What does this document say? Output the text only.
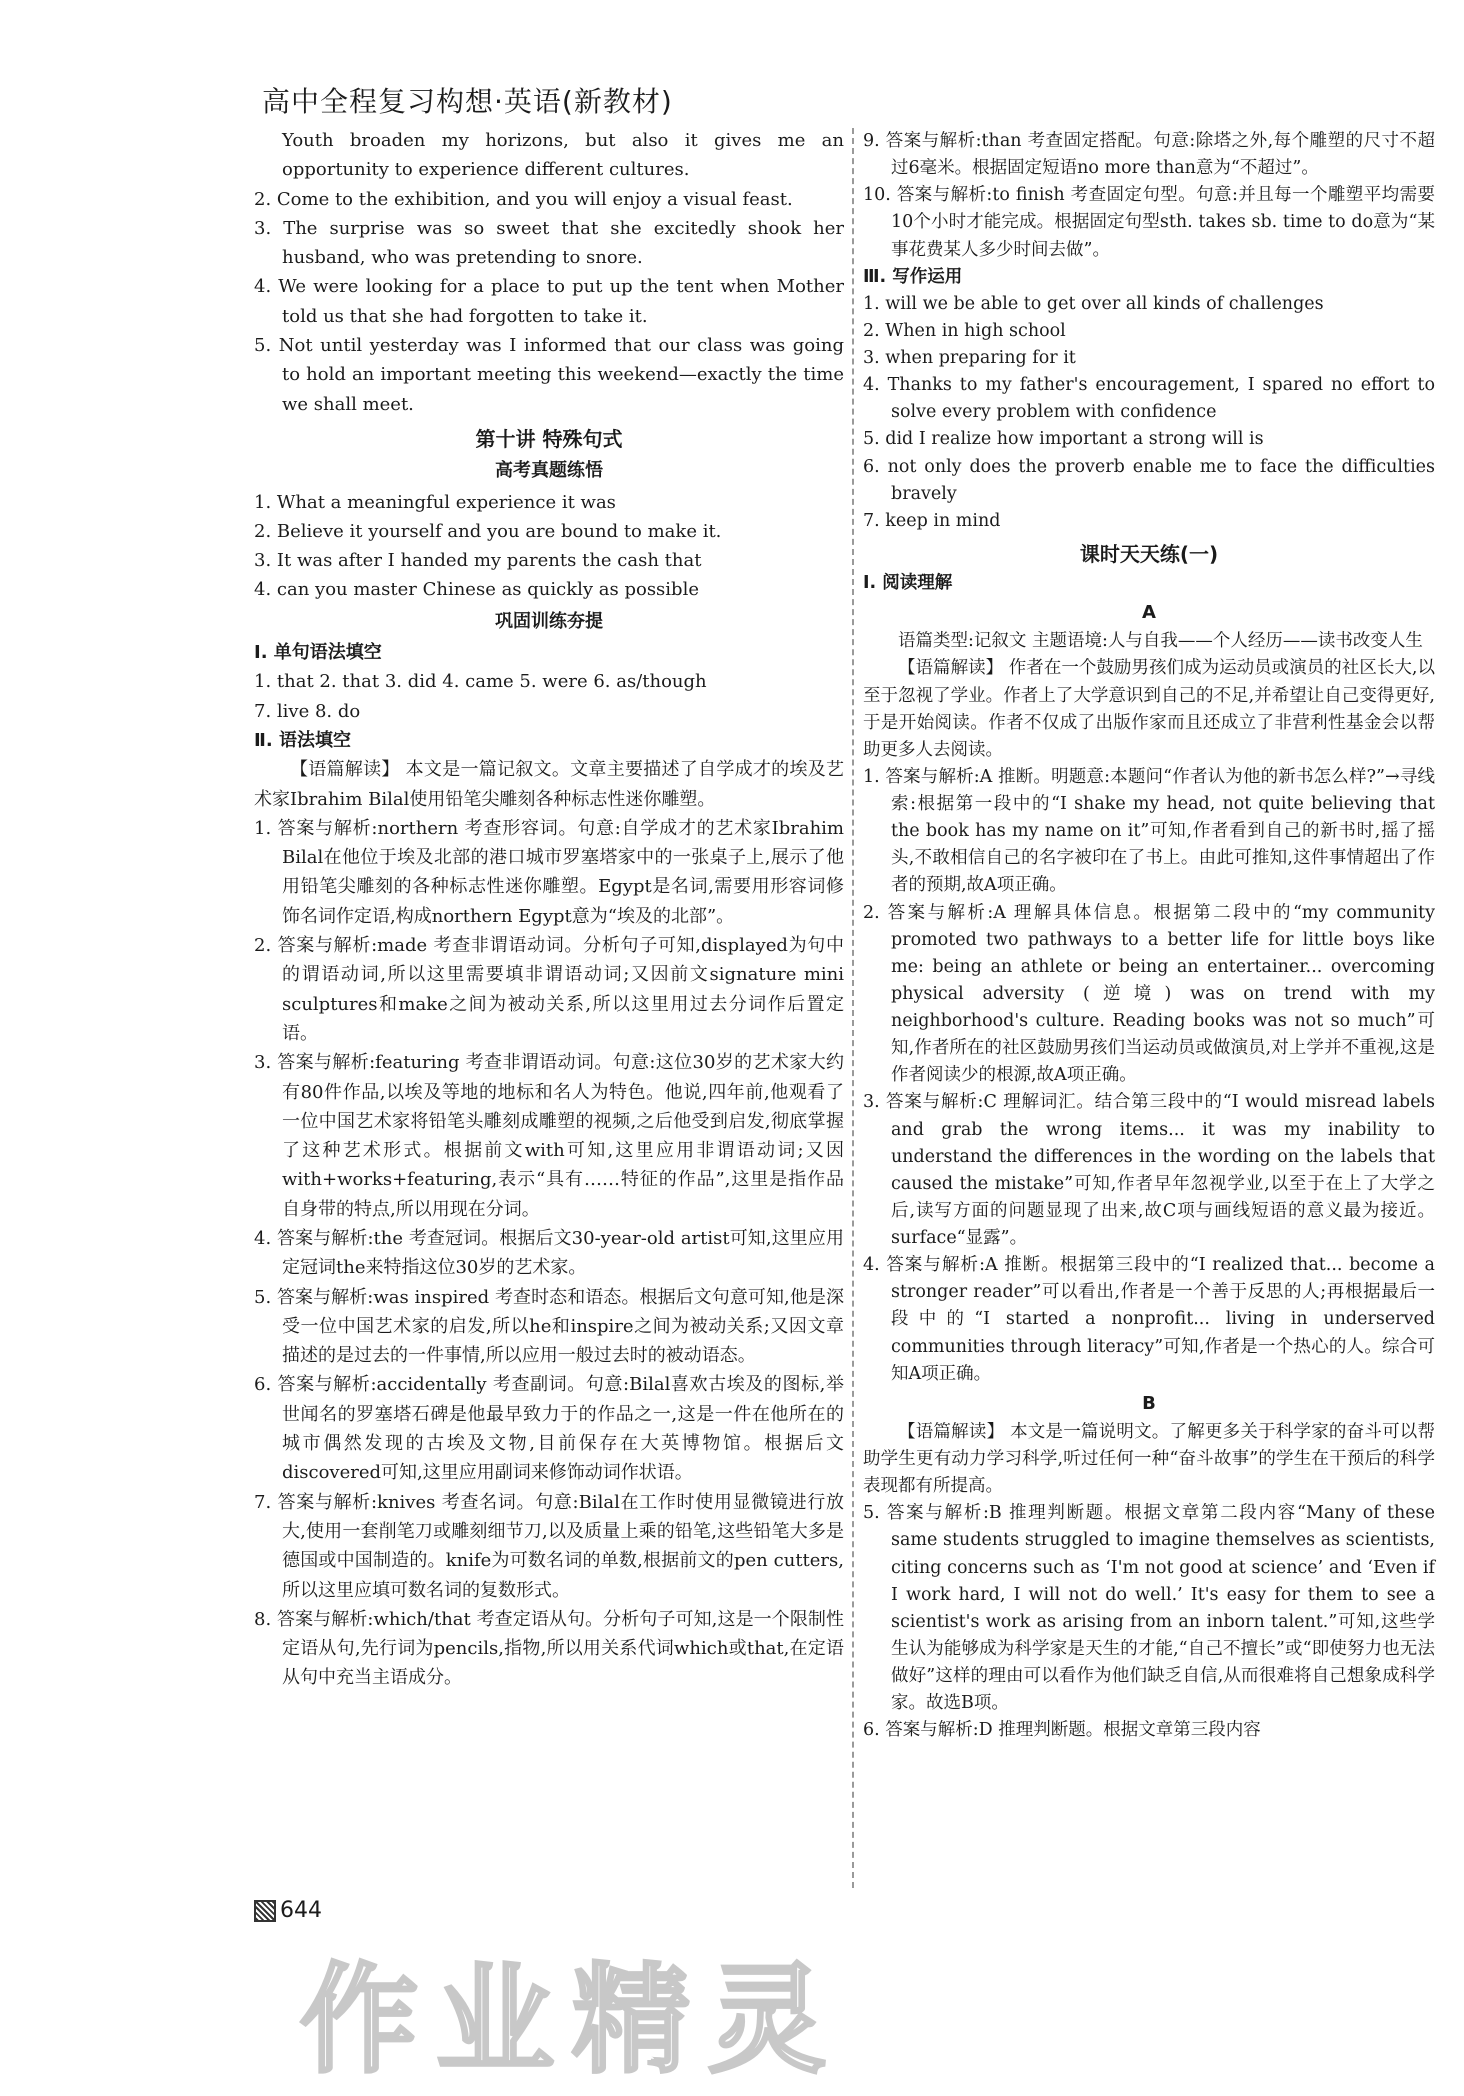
高中全程复习构想·英语(新教材)

Youth broaden my horizons, but also it gives me an opportunity to experience different cultures.

2. Come to the exhibition, and you will enjoy a visual feast.

3. The surprise was so sweet that she excitedly shook her husband, who was pretending to snore.

4. We were looking for a place to put up the tent when Mother told us that she had forgotten to take it.

5. Not until yesterday was I informed that our class was going to hold an important meeting this weekend—exactly the time we shall meet.

第十讲 特殊句式
高考真题练悟

1. What a meaningful experience it was

2. Believe it yourself and you are bound to make it.

3. It was after I handed my parents the cash that

4. can you master Chinese as quickly as possible

巩固训练夯提

Ⅰ. 单句语法填空

1. that 2. that 3. did 4. came 5. were 6. as/though

7. live 8. do

Ⅱ. 语法填空

【语篇解读】 本文是一篇记叙文。文章主要描述了自学成才的埃及艺术家Ibrahim Bilal使用铅笔尖雕刻各种标志性迷你雕塑。

1. 答案与解析:northern 考查形容词。句意:自学成才的艺术家Ibrahim Bilal在他位于埃及北部的港口城市罗塞塔家中的一张桌子上,展示了他用铅笔尖雕刻的各种标志性迷你雕塑。Egypt是名词,需要用形容词修饰名词作定语,构成northern Egypt意为“埃及的北部”。

2. 答案与解析:made 考查非谓语动词。分析句子可知,displayed为句中的谓语动词,所以这里需要填非谓语动词;又因前文signature mini sculptures和make之间为被动关系,所以这里用过去分词作后置定语。

3. 答案与解析:featuring 考查非谓语动词。句意:这位30岁的艺术家大约有80件作品,以埃及等地的地标和名人为特色。他说,四年前,他观看了一位中国艺术家将铅笔头雕刻成雕塑的视频,之后他受到启发,彻底掌握了这种艺术形式。根据前文with可知,这里应用非谓语动词;又因with+works+featuring,表示“具有……特征的作品”,这里是指作品自身带的特点,所以用现在分词。

4. 答案与解析:the 考查冠词。根据后文30-year-old artist可知,这里应用定冠词the来特指这位30岁的艺术家。

5. 答案与解析:was inspired 考查时态和语态。根据后文句意可知,他是深受一位中国艺术家的启发,所以he和inspire之间为被动关系;又因文章描述的是过去的一件事情,所以应用一般过去时的被动语态。

6. 答案与解析:accidentally 考查副词。句意:Bilal喜欢古埃及的图标,举世闻名的罗塞塔石碑是他最早致力于的作品之一,这是一件在他所在的城市偶然发现的古埃及文物,目前保存在大英博物馆。根据后文discovered可知,这里应用副词来修饰动词作状语。

7. 答案与解析:knives 考查名词。句意:Bilal在工作时使用显微镜进行放大,使用一套削笔刀或雕刻细节刀,以及质量上乘的铅笔,这些铅笔大多是德国或中国制造的。knife为可数名词的单数,根据前文的pen cutters,所以这里应填可数名词的复数形式。

8. 答案与解析:which/that 考查定语从句。分析句子可知,这是一个限制性定语从句,先行词为pencils,指物,所以用关系代词which或that,在定语从句中充当主语成分。

9. 答案与解析:than 考查固定搭配。句意:除塔之外,每个雕塑的尺寸不超过6毫米。根据固定短语no more than意为“不超过”。

10. 答案与解析:to finish 考查固定句型。句意:并且每一个雕塑平均需要10个小时才能完成。根据固定句型sth. takes sb. time to do意为“某事花费某人多少时间去做”。

Ⅲ. 写作运用

1. will we be able to get over all kinds of challenges

2. When in high school

3. when preparing for it

4. Thanks to my father's encouragement, I spared no effort to solve every problem with confidence

5. did I realize how important a strong will is

6. not only does the proverb enable me to face the difficulties bravely

7. keep in mind

课时天天练(一)

Ⅰ. 阅读理解

A

语篇类型:记叙文 主题语境:人与自我——个人经历——读书改变人生

【语篇解读】 作者在一个鼓励男孩们成为运动员或演员的社区长大,以至于忽视了学业。作者上了大学意识到自己的不足,并希望让自己变得更好,于是开始阅读。作者不仅成了出版作家而且还成立了非营利性基金会以帮助更多人去阅读。

1. 答案与解析:A 推断。明题意:本题问“作者认为他的新书怎么样?”→寻线索:根据第一段中的“I shake my head, not quite believing that the book has my name on it”可知,作者看到自己的新书时,摇了摇头,不敢相信自己的名字被印在了书上。由此可推知,这件事情超出了作者的预期,故A项正确。

2. 答案与解析:A 理解具体信息。根据第二段中的“my community promoted two pathways to a better life for little boys like me: being an athlete or being an entertainer... overcoming physical adversity (逆境) was on trend with my neighborhood's culture. Reading books was not so much”可知,作者所在的社区鼓励男孩们当运动员或做演员,对上学并不重视,这是作者阅读少的根源,故A项正确。

3. 答案与解析:C 理解词汇。结合第三段中的“I would misread labels and grab the wrong items... it was my inability to understand the differences in the wording on the labels that caused the mistake”可知,作者早年忽视学业,以至于在上了大学之后,读写方面的问题显现了出来,故C项与画线短语的意义最为接近。surface“显露”。

4. 答案与解析:A 推断。根据第三段中的“I realized that... become a stronger reader”可以看出,作者是一个善于反思的人;再根据最后一段中的“I started a nonprofit... living in underserved communities through literacy”可知,作者是一个热心的人。综合可知A项正确。

B

【语篇解读】 本文是一篇说明文。了解更多关于科学家的奋斗可以帮助学生更有动力学习科学,听过任何一种“奋斗故事”的学生在干预后的科学表现都有所提高。

5. 答案与解析:B 推理判断题。根据文章第二段内容“Many of these same students struggled to imagine themselves as scientists, citing concerns such as ‘I'm not good at science’ and ‘Even if I work hard, I will not do well.’ It's easy for them to see a scientist's work as arising from an inborn talent.”可知,这些学生认为能够成为科学家是天生的才能,“自己不擅长”或“即使努力也无法做好”这样的理由可以看作为他们缺乏自信,从而很难将自己想象成科学家。故选B项。

6. 答案与解析:D 推理判断题。根据文章第三段内容

644
作业精灵
